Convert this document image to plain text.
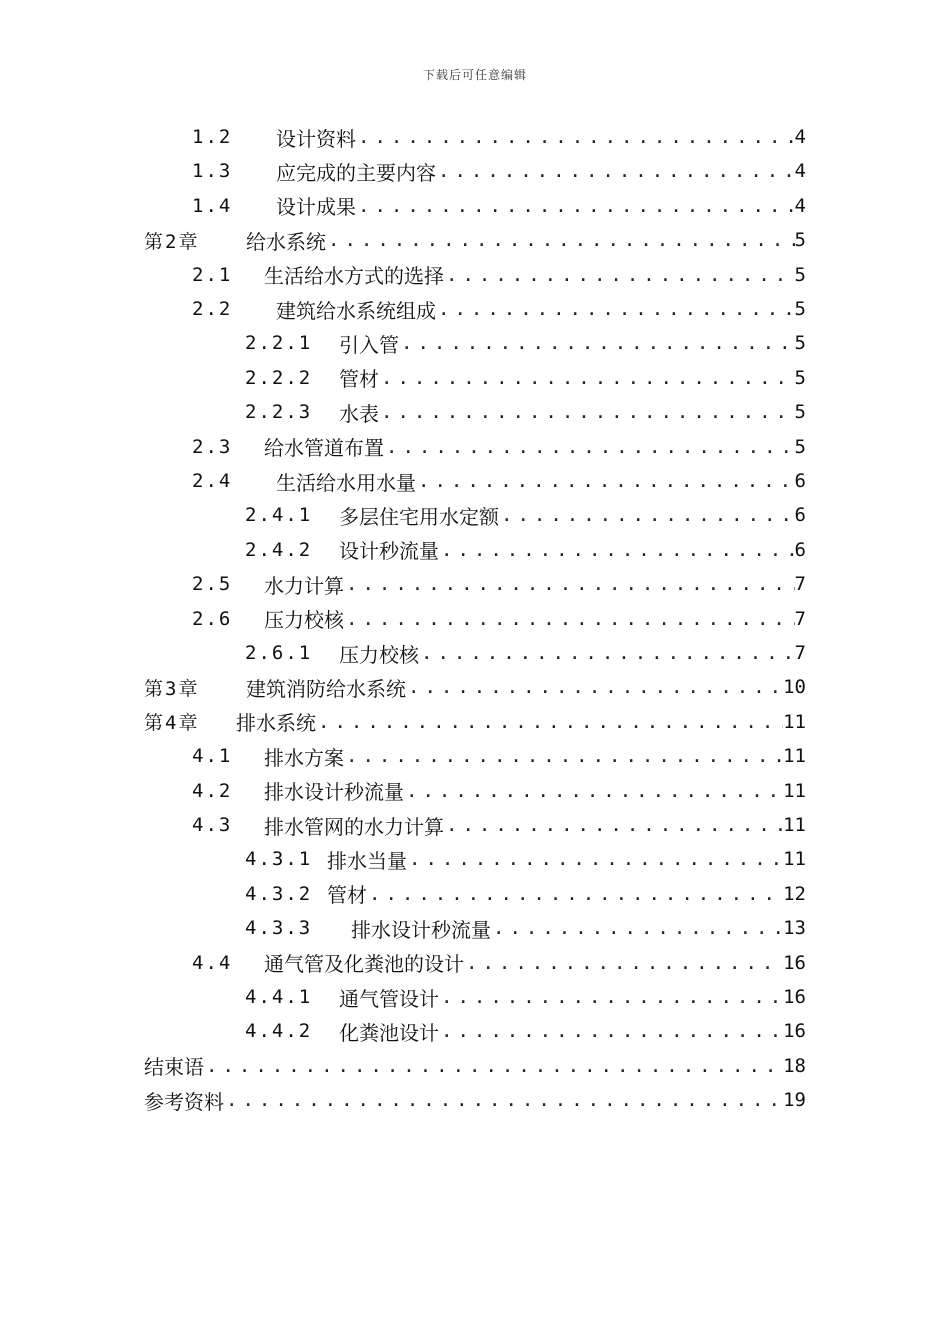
下载后可任意编辑
1.2	设计资料 .....	4
1.3	应完成的主要内容 .....	4
1.4	设计成果 .....	4
第2章	给水系统 .....	5
2.1	生活给水方式的选择 .....	5
2.2	建筑给水系统组成 .....	5
2.2.1	引入管 .....	5
2.2.2	管材 .....	5
2.2.3	水表 .....	5
2.3	给水管道布置 .....	5
2.4	生活给水用水量 .....	6
2.4.1	多层住宅用水定额 .....	6
2.4.2	设计秒流量 .....	6
2.5	水力计算 .....	7
2.6	压力校核 .....	7
2.6.1	压力校核 .....	7
第3章	建筑消防给水系统 .....	10
第4章	排水系统 .....	11
4.1	排水方案 .....	11
4.2	排水设计秒流量 .....	11
4.3	排水管网的水力计算 .....	11
4.3.1 排水当量 .....	11
4.3.2 管材 .....	12
4.3.3	排水设计秒流量 .....	13
4.4	通气管及化粪池的设计 .....	16
4.4.1	通气管设计 .....	16
4.4.2	化粪池设计 .....	16
结束语 .....	18
参考资料 .....	19
